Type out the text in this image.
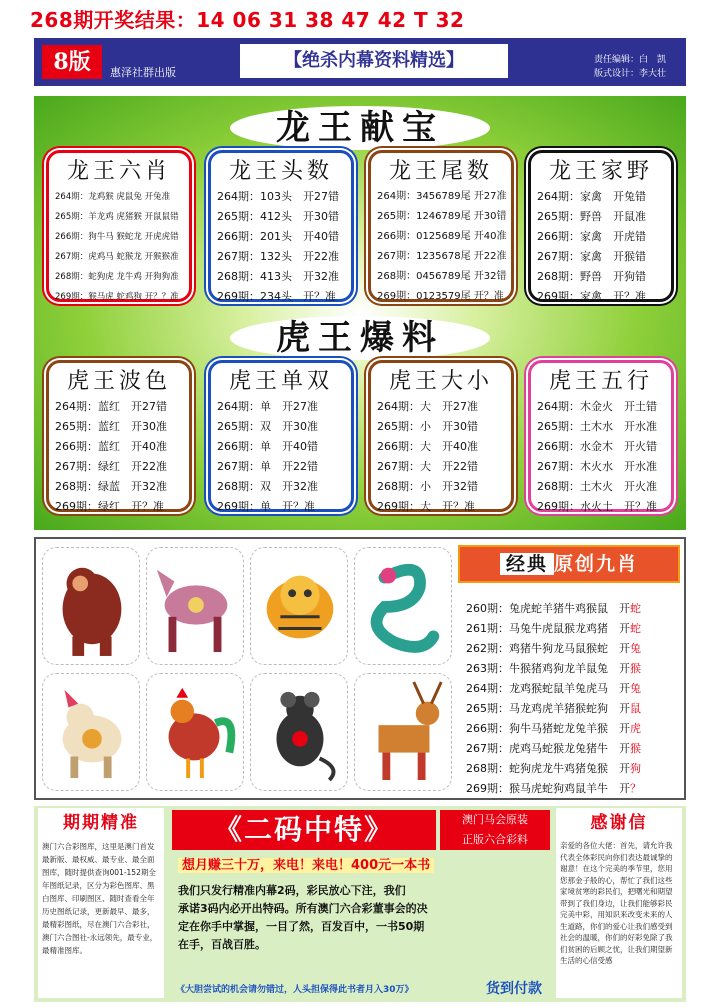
268期开奖结果：14 06 31 38 47 42 T 32
8版	惠泽社群出版
【绝杀内幕资料精选】	责任编辑：白　凯
版式设计：李大壮
龙王献宝
龙王六肖
264期：龙鸡猴 虎鼠兔 开兔准
265期：羊龙鸡 虎猪猴 开鼠鼠错
266期：狗牛马 猴蛇龙 开虎虎错
267期：虎鸡马 蛇猴龙 开猴猴准
268期：蛇狗虎 龙牛鸡 开狗狗准
269期：猴马虎 蛇鸡狗 开？？准
龙王头数
264期：103头　开27错
265期：412头　开30错
266期：201头　开40错
267期：132头　开22准
268期：413头　开32准
269期：234头　开？准
龙王尾数
264期：3456789尾 开27准
265期：1246789尾 开30错
266期：0125689尾 开40准
267期：1235678尾 开22准
268期：0456789尾 开32错
269期：0123579尾 开？准
龙王家野
264期：家禽　开兔错
265期：野兽　开鼠准
266期：家禽　开虎错
267期：家禽　开猴错
268期：野兽　开狗错
269期：家禽　开？准
虎王爆料
虎王波色
264期：蓝红　开27错
265期：蓝红　开30准
266期：蓝红　开40准
267期：绿红　开22准
268期：绿蓝　开32准
269期：绿红　开？准
虎王单双
264期：单　开27准
265期：双　开30准
266期：单　开40错
267期：单　开22错
268期：双　开32准
269期：单　开？准
虎王大小
264期：大　开27准
265期：小　开30错
266期：大　开40准
267期：大　开22错
268期：小　开32错
269期：大　开？准
虎王五行
264期：木金火　开土错
265期：土木水　开水准
266期：水金木　开火错
267期：木火水　开水准
268期：土木火　开火准
269期：水火土　开？准
经典 原创九肖
260期：兔虎蛇羊猪牛鸡猴鼠　开蛇
261期：马兔牛虎鼠猴龙鸡猪　开蛇
262期：鸡猪牛狗龙马鼠猴蛇　开兔
263期：牛猴猪鸡狗龙羊鼠兔　开猴
264期：龙鸡猴蛇鼠羊兔虎马　开兔
265期：马龙鸡虎羊猪猴蛇狗　开鼠
266期：狗牛马猪蛇龙兔羊猴　开虎
267期：虎鸡马蛇猴龙兔猪牛　开猴
268期：蛇狗虎龙牛鸡猪兔猴　开狗
269期：猴马虎蛇狗鸡鼠羊牛　开？
期期精准
澳门六合彩图库，这里是澳门首发最新版、最权威、最专业、最全面图库，随时提供查询001-152期全年图纸记录，区分为彩色图库、黑白图库、印刷图区、随时查看全年历史图纸记录，更新最早、最多，最精彩图纸，尽在澳门六合彩社，澳门六合图社-永远领先，最专业，最精准图库。
《二码中特》	澳门马会原装
正版六合彩料
想月赚三十万，来电！来电！400元一本书
我们只发行精准内幕2码，彩民放心下注，我们
承诺3码内必开出特码。所有澳门六合彩董事会的决
定在你手中掌握，一目了然，百发百中，一书50期
在手，百战百胜。
《大胆尝试的机会请勿错过，人头担保得此书者月入30万》	货到付款
感谢信
亲爱的各位大佬：首先，请允许我代表全体彩民向你们表达最诚挚的谢意！在这个完美的季节里，您用您那金子般的心，帮忙了我们这些家境贫寒的彩民们，把曙光和期望带到了我们身边，让我们能够彩民完美中彩，用知识来改变未来的人生道路，你们的爱心让我们感受到社会的温暖，你们的好彩免除了我们贫困的后顾之忧，让我们期望新生活的心信受感
